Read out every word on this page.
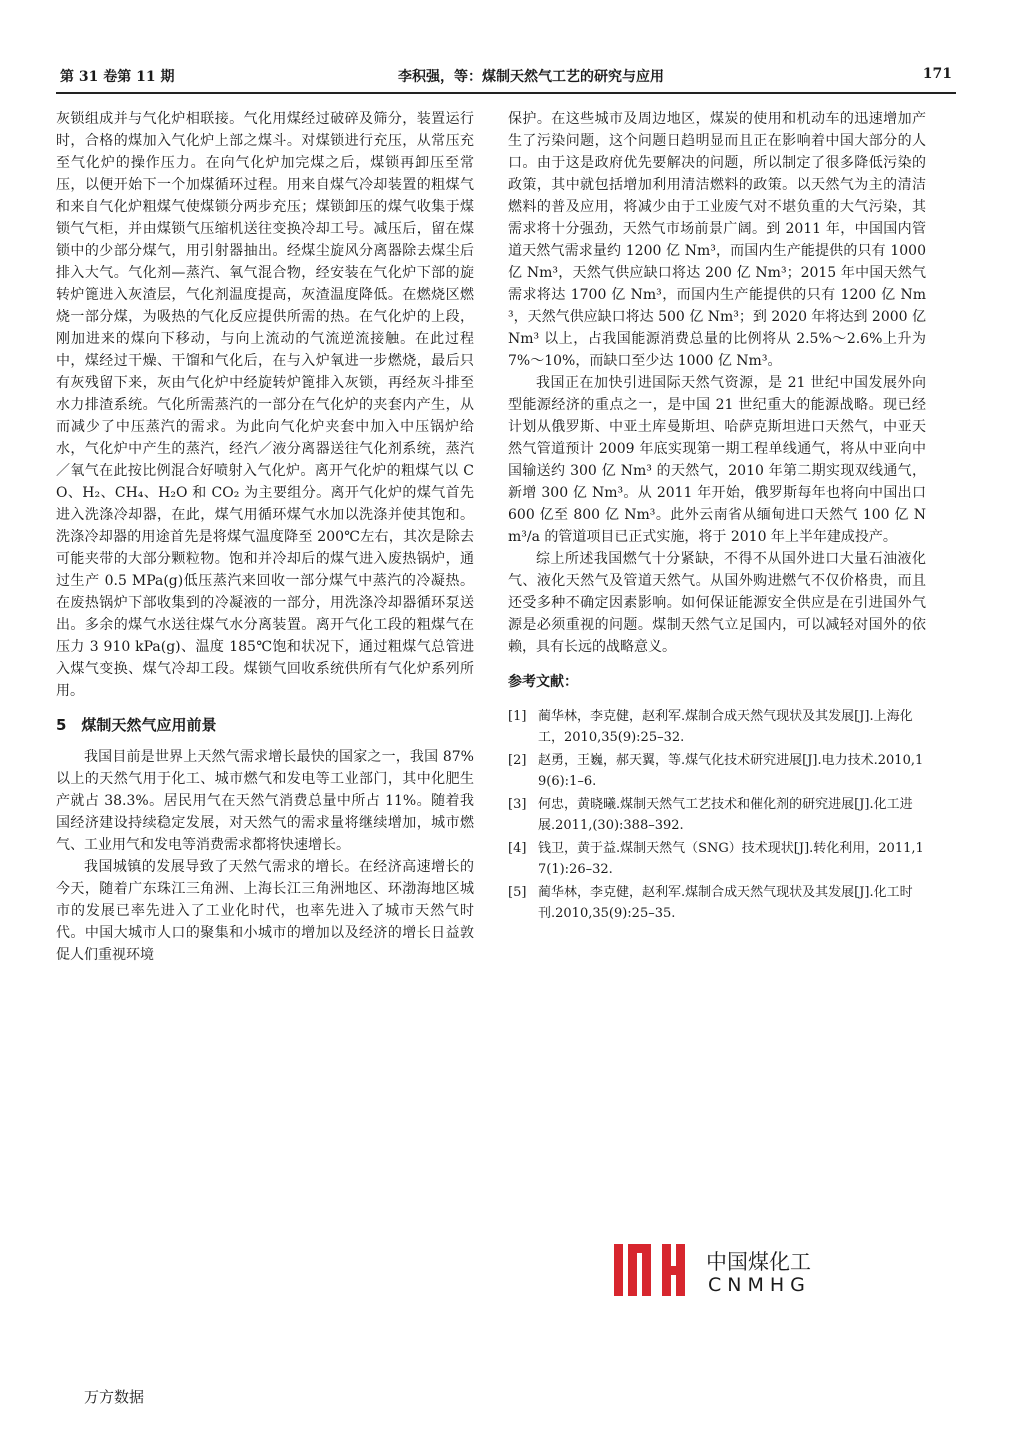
第 31 卷第 11 期	李积强，等：煤制天然气工艺的研究与应用	171

灰锁组成并与气化炉相联接。气化用煤经过破碎及筛分，装置运行时，合格的煤加入气化炉上部之煤斗。对煤锁进行充压，从常压充至气化炉的操作压力。在向气化炉加完煤之后，煤锁再卸压至常压，以便开始下一个加煤循环过程。用来自煤气冷却装置的粗煤气和来自气化炉粗煤气使煤锁分两步充压；煤锁卸压的煤气收集于煤锁气气柜，并由煤锁气压缩机送往变换冷却工号。减压后，留在煤锁中的少部分煤气，用引射器抽出。经煤尘旋风分离器除去煤尘后排入大气。气化剂—蒸汽、氧气混合物，经安装在气化炉下部的旋转炉篦进入灰渣层，气化剂温度提高，灰渣温度降低。在燃烧区燃烧一部分煤，为吸热的气化反应提供所需的热。在气化炉的上段，刚加进来的煤向下移动，与向上流动的气流逆流接触。在此过程中，煤经过干燥、干馏和气化后，在与入炉氧进一步燃烧，最后只有灰残留下来，灰由气化炉中经旋转炉篦排入灰锁，再经灰斗排至水力排渣系统。气化所需蒸汽的一部分在气化炉的夹套内产生，从而减少了中压蒸汽的需求。为此向气化炉夹套中加入中压锅炉给水，气化炉中产生的蒸汽，经汽／液分离器送往气化剂系统，蒸汽／氧气在此按比例混合好喷射入气化炉。离开气化炉的粗煤气以 CO、H₂、CH₄、H₂O 和 CO₂ 为主要组分。离开气化炉的煤气首先进入洗涤冷却器，在此，煤气用循环煤气水加以洗涤并使其饱和。洗涤冷却器的用途首先是将煤气温度降至 200℃左右，其次是除去可能夹带的大部分颗粒物。饱和并冷却后的煤气进入废热锅炉，通过生产 0.5 MPa(g)低压蒸汽来回收一部分煤气中蒸汽的冷凝热。在废热锅炉下部收集到的冷凝液的一部分，用洗涤冷却器循环泵送出。多余的煤气水送往煤气水分离装置。离开气化工段的粗煤气在压力 3 910 kPa(g)、温度 185℃饱和状况下，通过粗煤气总管进入煤气变换、煤气冷却工段。煤锁气回收系统供所有气化炉系列所用。

5　煤制天然气应用前景

我国目前是世界上天然气需求增长最快的国家之一，我国 87%以上的天然气用于化工、城市燃气和发电等工业部门，其中化肥生产就占 38.3%。居民用气在天然气消费总量中所占 11%。随着我国经济建设持续稳定发展，对天然气的需求量将继续增加，城市燃气、工业用气和发电等消费需求都将快速增长。

我国城镇的发展导致了天然气需求的增长。在经济高速增长的今天，随着广东珠江三角洲、上海长江三角洲地区、环渤海地区城市的发展已率先进入了工业化时代，也率先进入了城市天然气时代。中国大城市人口的聚集和小城市的增加以及经济的增长日益敦促人们重视环境

保护。在这些城市及周边地区，煤炭的使用和机动车的迅速增加产生了污染问题，这个问题日趋明显而且正在影响着中国大部分的人口。由于这是政府优先要解决的问题，所以制定了很多降低污染的政策，其中就包括增加利用清洁燃料的政策。以天然气为主的清洁燃料的普及应用，将减少由于工业废气对不堪负重的大气污染，其需求将十分强劲，天然气市场前景广阔。到 2011 年，中国国内管道天然气需求量约 1200 亿 Nm³，而国内生产能提供的只有 1000 亿 Nm³，天然气供应缺口将达 200 亿 Nm³；2015 年中国天然气需求将达 1700 亿 Nm³，而国内生产能提供的只有 1200 亿 Nm³，天然气供应缺口将达 500 亿 Nm³；到 2020 年将达到 2000 亿 Nm³ 以上，占我国能源消费总量的比例将从 2.5%～2.6%上升为 7%～10%，而缺口至少达 1000 亿 Nm³。

我国正在加快引进国际天然气资源，是 21 世纪中国发展外向型能源经济的重点之一，是中国 21 世纪重大的能源战略。现已经计划从俄罗斯、中亚土库曼斯坦、哈萨克斯坦进口天然气，中亚天然气管道预计 2009 年底实现第一期工程单线通气，将从中亚向中国输送约 300 亿 Nm³ 的天然气，2010 年第二期实现双线通气，新增 300 亿 Nm³。从 2011 年开始，俄罗斯每年也将向中国出口 600 亿至 800 亿 Nm³。此外云南省从缅甸进口天然气 100 亿 Nm³/a 的管道项目已正式实施，将于 2010 年上半年建成投产。

综上所述我国燃气十分紧缺，不得不从国外进口大量石油液化气、液化天然气及管道天然气。从国外购进燃气不仅价格贵，而且还受多种不确定因素影响。如何保证能源安全供应是在引进国外气源是必须重视的问题。煤制天然气立足国内，可以减轻对国外的依赖，具有长远的战略意义。

参考文献：
[1] 蔺华林，李克健，赵利军.煤制合成天然气现状及其发展[J].上海化工，2010,35(9):25–32.
[2] 赵勇，王巍，郝天翼，等.煤气化技术研究进展[J].电力技术.2010,19(6):1–6.
[3] 何忠，黄晓曦.煤制天然气工艺技术和催化剂的研究进展[J].化工进展.2011,(30):388–392.
[4] 钱卫，黄于益.煤制天然气（SNG）技术现状[J].转化利用，2011,17(1):26–32.
[5] 蔺华林，李克健，赵利军.煤制合成天然气现状及其发展[J].化工时刊.2010,35(9):25–35.
中国煤化工
CNMHG
万方数据
